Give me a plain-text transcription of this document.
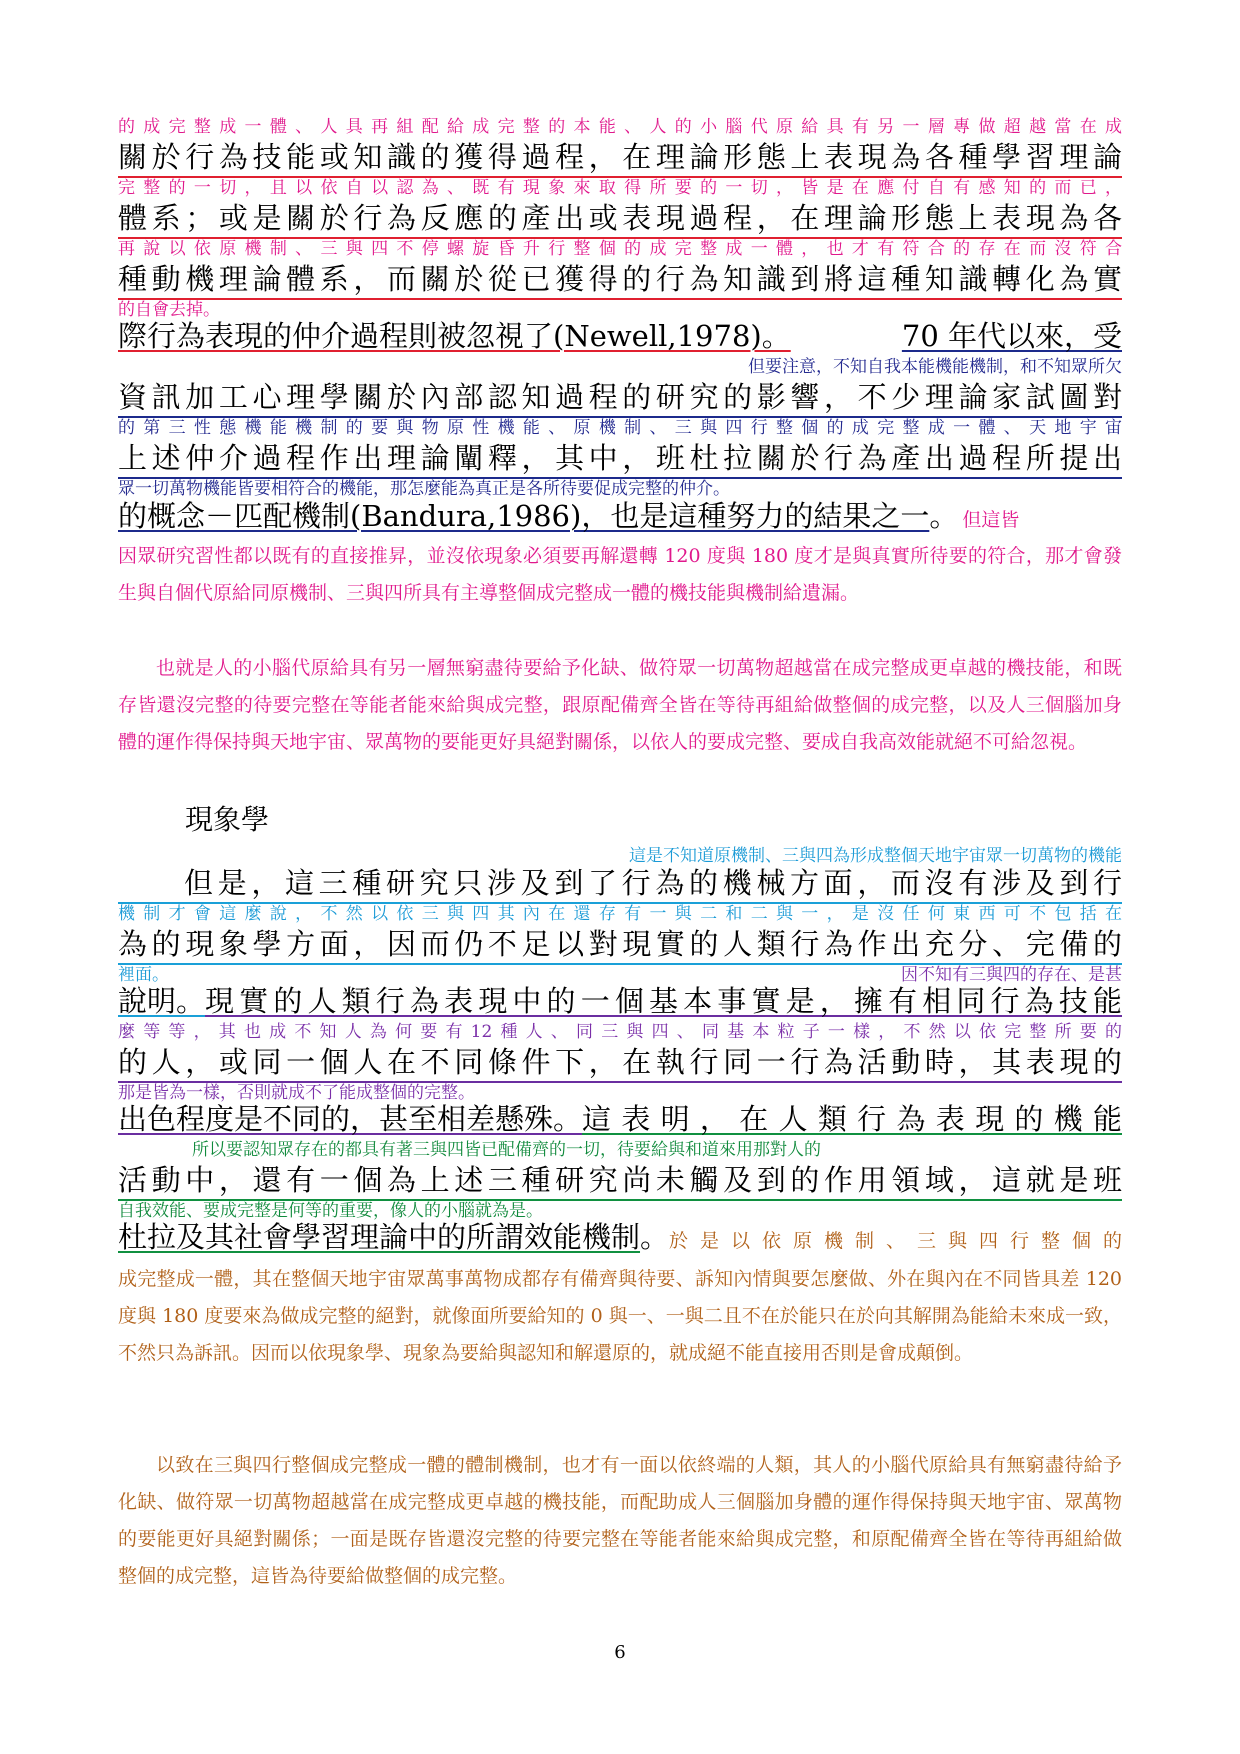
的成完整成一體、人具再組配給成完整的本能、人的小腦代原給具有另一層專做超越當在成
關於行為技能或知識的獲得過程，在理論形態上表現為各種學習理論
完整的一切，且以依自以認為、既有現象來取得所要的一切，皆是在應付自有感知的而已，
體系；或是關於行為反應的產出或表現過程，在理論形態上表現為各
再說以依原機制、三與四不停螺旋昏升行整個的成完整成一體，也才有符合的存在而沒符合
種動機理論體系，而關於從已獲得的行為知識到將這種知識轉化為實
的自會去掉。
際行為表現的仲介過程則被忽視了(Newell,1978)。	70 年代以來，受
但要注意，不知自我本能機能機制，和不知眾所欠
資訊加工心理學關於內部認知過程的研究的影響，不少理論家試圖對
的第三性態機能機制的要與物原性機能、原機制、三與四行整個的成完整成一體、天地宇宙
上述仲介過程作出理論闡釋，其中，班杜拉關於行為產出過程所提出
眾一切萬物機能皆要相符合的機能，那怎麼能為真正是各所待要促成完整的仲介。
的概念－匹配機制(Bandura,1986)，也是這種努力的結果之一 。 但這皆
因眾研究習性都以既有的直接推昇，並沒依現象必須要再解還轉 120 度與 180 度才是與真實所待要的符合，那才會發生與自個代原給同原機制、三與四所具有主導整個成完整成一體的機技能與機制給遺漏。
也就是人的小腦代原給具有另一層無窮盡待要給予化缺、做符眾一切萬物超越當在成完整成更卓越的機技能，和既存皆還沒完整的待要完整在等能者能來給與成完整，跟原配備齊全皆在等待再組給做整個的成完整，以及人三個腦加身體的運作得保持與天地宇宙、眾萬物的要能更好具絕對關係，以依人的要成完整、要成自我高效能就絕不可給忽視。
現象學
這是不知道原機制、三與四為形成整個天地宇宙眾一切萬物的機能
但是，這三種研究只涉及到了行為的機械方面，而沒有涉及到行
機制才會這麼說，不然以依三與四其內在還存有一與二和二與一，是沒任何東西可不包括在
為的現象學方面，因而仍不足以對現實的人類行為作出充分、完備的
裡面。	因不知有三與四的存在、是甚
說明。 現實的人類行為表現中的一個基本事實是，擁有相同行為技能
麼等等，其也成不知人為何要有12種人、同三與四、同基本粒子一樣，不然以依完整所要的
的人，或同一個人在不同條件下，在執行同一行為活動時，其表現的
那是皆為一樣，否則就成不了能成整個的完整。
出色程度是不同的，甚至相差懸殊。 這表明，在人類行為表現的機能
所以要認知眾存在的都具有著三與四皆已配備齊的一切，待要給與和道來用那對人的
活動中，還有一個為上述三種研究尚未觸及到的作用領域，這就是班
自我效能、要成完整是何等的重要，像人的小腦就為是。
杜拉及其社會學習理論中的所謂效能機制 。 於是以依原機制、三與四行整個的
成完整成一體，其在整個天地宇宙眾萬事萬物成都存有備齊與待要、訴知內情與要怎麼做、外在與內在不同皆具差 120 度與 180 度要來為做成完整的絕對，就像面所要給知的 0 與一、一與二且不在於能只在於向其解開為能給未來成一致，不然只為訴訊。因而以依現象學、現象為要給與認知和解還原的，就成絕不能直接用否則是會成顛倒。
以致在三與四行整個成完整成一體的體制機制，也才有一面以依終端的人類，其人的小腦代原給具有無窮盡待給予化缺、做符眾一切萬物超越當在成完整成更卓越的機技能，而配助成人三個腦加身體的運作得保持與天地宇宙、眾萬物的要能更好具絕對關係；一面是既存皆還沒完整的待要完整在等能者能來給與成完整，和原配備齊全皆在等待再組給做整個的成完整，這皆為待要給做整個的成完整。
6
